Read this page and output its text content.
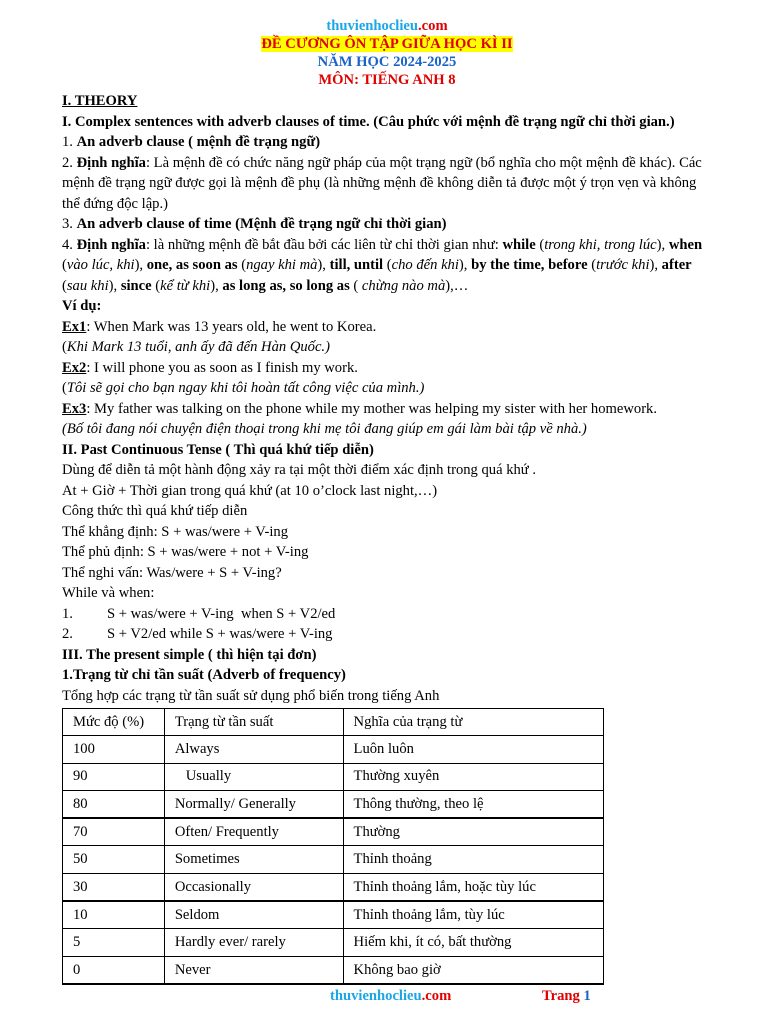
thuvienhoclieu.com
ĐỀ CƯƠNG ÔN TẬP GIỮA HỌC KÌ II
NĂM HỌC 2024-2025
MÔN: TIẾNG ANH 8

I. THEORY

I. Complex sentences with adverb clauses of time. (Câu phức với mệnh đề trạng ngữ chỉ thời gian.)

1. An adverb clause ( mệnh đề trạng ngữ)

2. Định nghĩa: Là mệnh đề có chức năng ngữ pháp của một trạng ngữ (bổ nghĩa cho một mệnh đề khác). Các mệnh đề trạng ngữ được gọi là mệnh đề phụ (là những mệnh đề không diễn tả được một ý trọn vẹn và không thể đứng độc lập.)

3. An adverb clause of time (Mệnh đề trạng ngữ chỉ thời gian)

4. Định nghĩa: là những mệnh đề bắt đầu bởi các liên từ chỉ thời gian như: while (trong khi, trong lúc), when (vào lúc, khi), one, as soon as (ngay khi mà), till, until (cho đến khi), by the time, before (trước khi), after (sau khi), since (kể từ khi), as long as, so long as ( chừng nào mà),…

Ví dụ:

Ex1: When Mark was 13 years old, he went to Korea.

(Khi Mark 13 tuổi, anh ấy đã đến Hàn Quốc.)

Ex2: I will phone you as soon as I finish my work.

(Tôi sẽ gọi cho bạn ngay khi tôi hoàn tất công việc của mình.)

Ex3: My father was talking on the phone while my mother was helping my sister with her homework.

(Bố tôi đang nói chuyện điện thoại trong khi mẹ tôi đang giúp em gái làm bài tập về nhà.)

II. Past Continuous Tense ( Thì quá khứ tiếp diễn)

Dùng để diễn tả một hành động xảy ra tại một thời điểm xác định trong quá khứ .

At + Giờ + Thời gian trong quá khứ (at 10 o’clock last night,…)

Công thức thì quá khứ tiếp diễn

Thể khẳng định: S + was/were + V-ing

Thể phủ định: S + was/were + not + V-ing

Thể nghi vấn: Was/were + S + V-ing?

While và when:

1. S + was/were + V-ing  when S + V2/ed

2. S + V2/ed while S + was/were + V-ing

III. The present simple ( thì hiện tại đơn)

1.Trạng từ chỉ tần suất (Adverb of frequency)

Tổng hợp các trạng từ tần suất sử dụng phổ biến trong tiếng Anh

Mức độ (%)	Trạng từ tần suất	Nghĩa của trạng từ
100	Always	Luôn luôn
90	Usually	Thường xuyên
80	Normally/ Generally	Thông thường, theo lệ
70	Often/ Frequently	Thường
50	Sometimes	Thỉnh thoảng
30	Occasionally	Thỉnh thoảng lắm, hoặc tùy lúc
10	Seldom	Thỉnh thoảng lắm, tùy lúc
5	Hardly ever/ rarely	Hiếm khi, ít có, bất thường
0	Never	Không bao giờ
thuvienhoclieu.com	Trang 1
